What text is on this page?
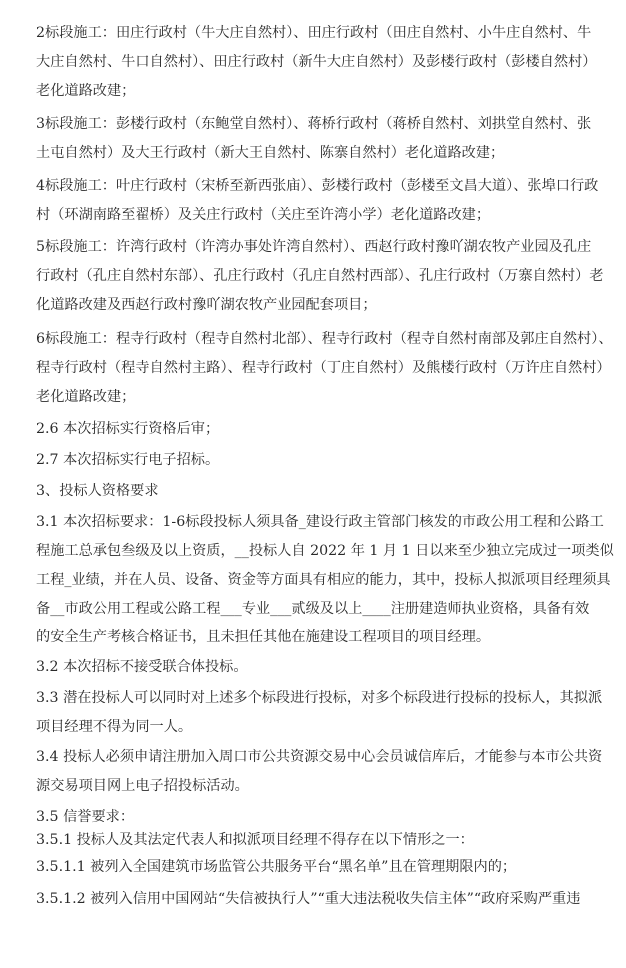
2标段施工：田庄行政村（牛大庄自然村）、田庄行政村（田庄自然村、小牛庄自然村、牛
大庄自然村、牛口自然村）、田庄行政村（新牛大庄自然村）及彭楼行政村（彭楼自然村）
老化道路改建；
3标段施工：彭楼行政村（东鲍堂自然村）、蒋桥行政村（蒋桥自然村、刘拱堂自然村、张
土屯自然村）及大王行政村（新大王自然村、陈寨自然村）老化道路改建；
4标段施工：叶庄行政村（宋桥至新西张庙）、彭楼行政村（彭楼至文昌大道）、张埠口行政
村（环湖南路至翟桥）及关庄行政村（关庄至许湾小学）老化道路改建；
5标段施工：许湾行政村（许湾办事处许湾自然村）、西赵行政村豫吖湖农牧产业园及孔庄
行政村（孔庄自然村东部）、孔庄行政村（孔庄自然村西部）、孔庄行政村（万寨自然村）老
化道路改建及西赵行政村豫吖湖农牧产业园配套项目；
6标段施工：程寺行政村（程寺自然村北部）、程寺行政村（程寺自然村南部及郭庄自然村）、
程寺行政村（程寺自然村主路）、程寺行政村（丁庄自然村）及熊楼行政村（万许庄自然村）
老化道路改建；
2.6 本次招标实行资格后审；
2.7 本次招标实行电子招标。
3、投标人资格要求
3.1 本次招标要求：1-6标段投标人须具备_建设行政主管部门核发的市政公用工程和公路工
程施工总承包叁级及以上资质，__投标人自 2022 年 1 月 1 日以来至少独立完成过一项类似
工程_业绩，并在人员、设备、资金等方面具有相应的能力，其中，投标人拟派项目经理须具
备__市政公用工程或公路工程___专业___贰级及以上____注册建造师执业资格，具备有效
的安全生产考核合格证书，且未担任其他在施建设工程项目的项目经理。
3.2 本次招标不接受联合体投标。
3.3 潜在投标人可以同时对上述多个标段进行投标，对多个标段进行投标的投标人，其拟派
项目经理不得为同一人。
3.4 投标人必须申请注册加入周口市公共资源交易中心会员诚信库后，才能参与本市公共资
源交易项目网上电子招投标活动。
3.5 信誉要求：
3.5.1 投标人及其法定代表人和拟派项目经理不得存在以下情形之一：
3.5.1.1 被列入全国建筑市场监管公共服务平台“黑名单”且在管理期限内的；
3.5.1.2 被列入信用中国网站“失信被执行人”“重大违法税收失信主体”“政府采购严重违
